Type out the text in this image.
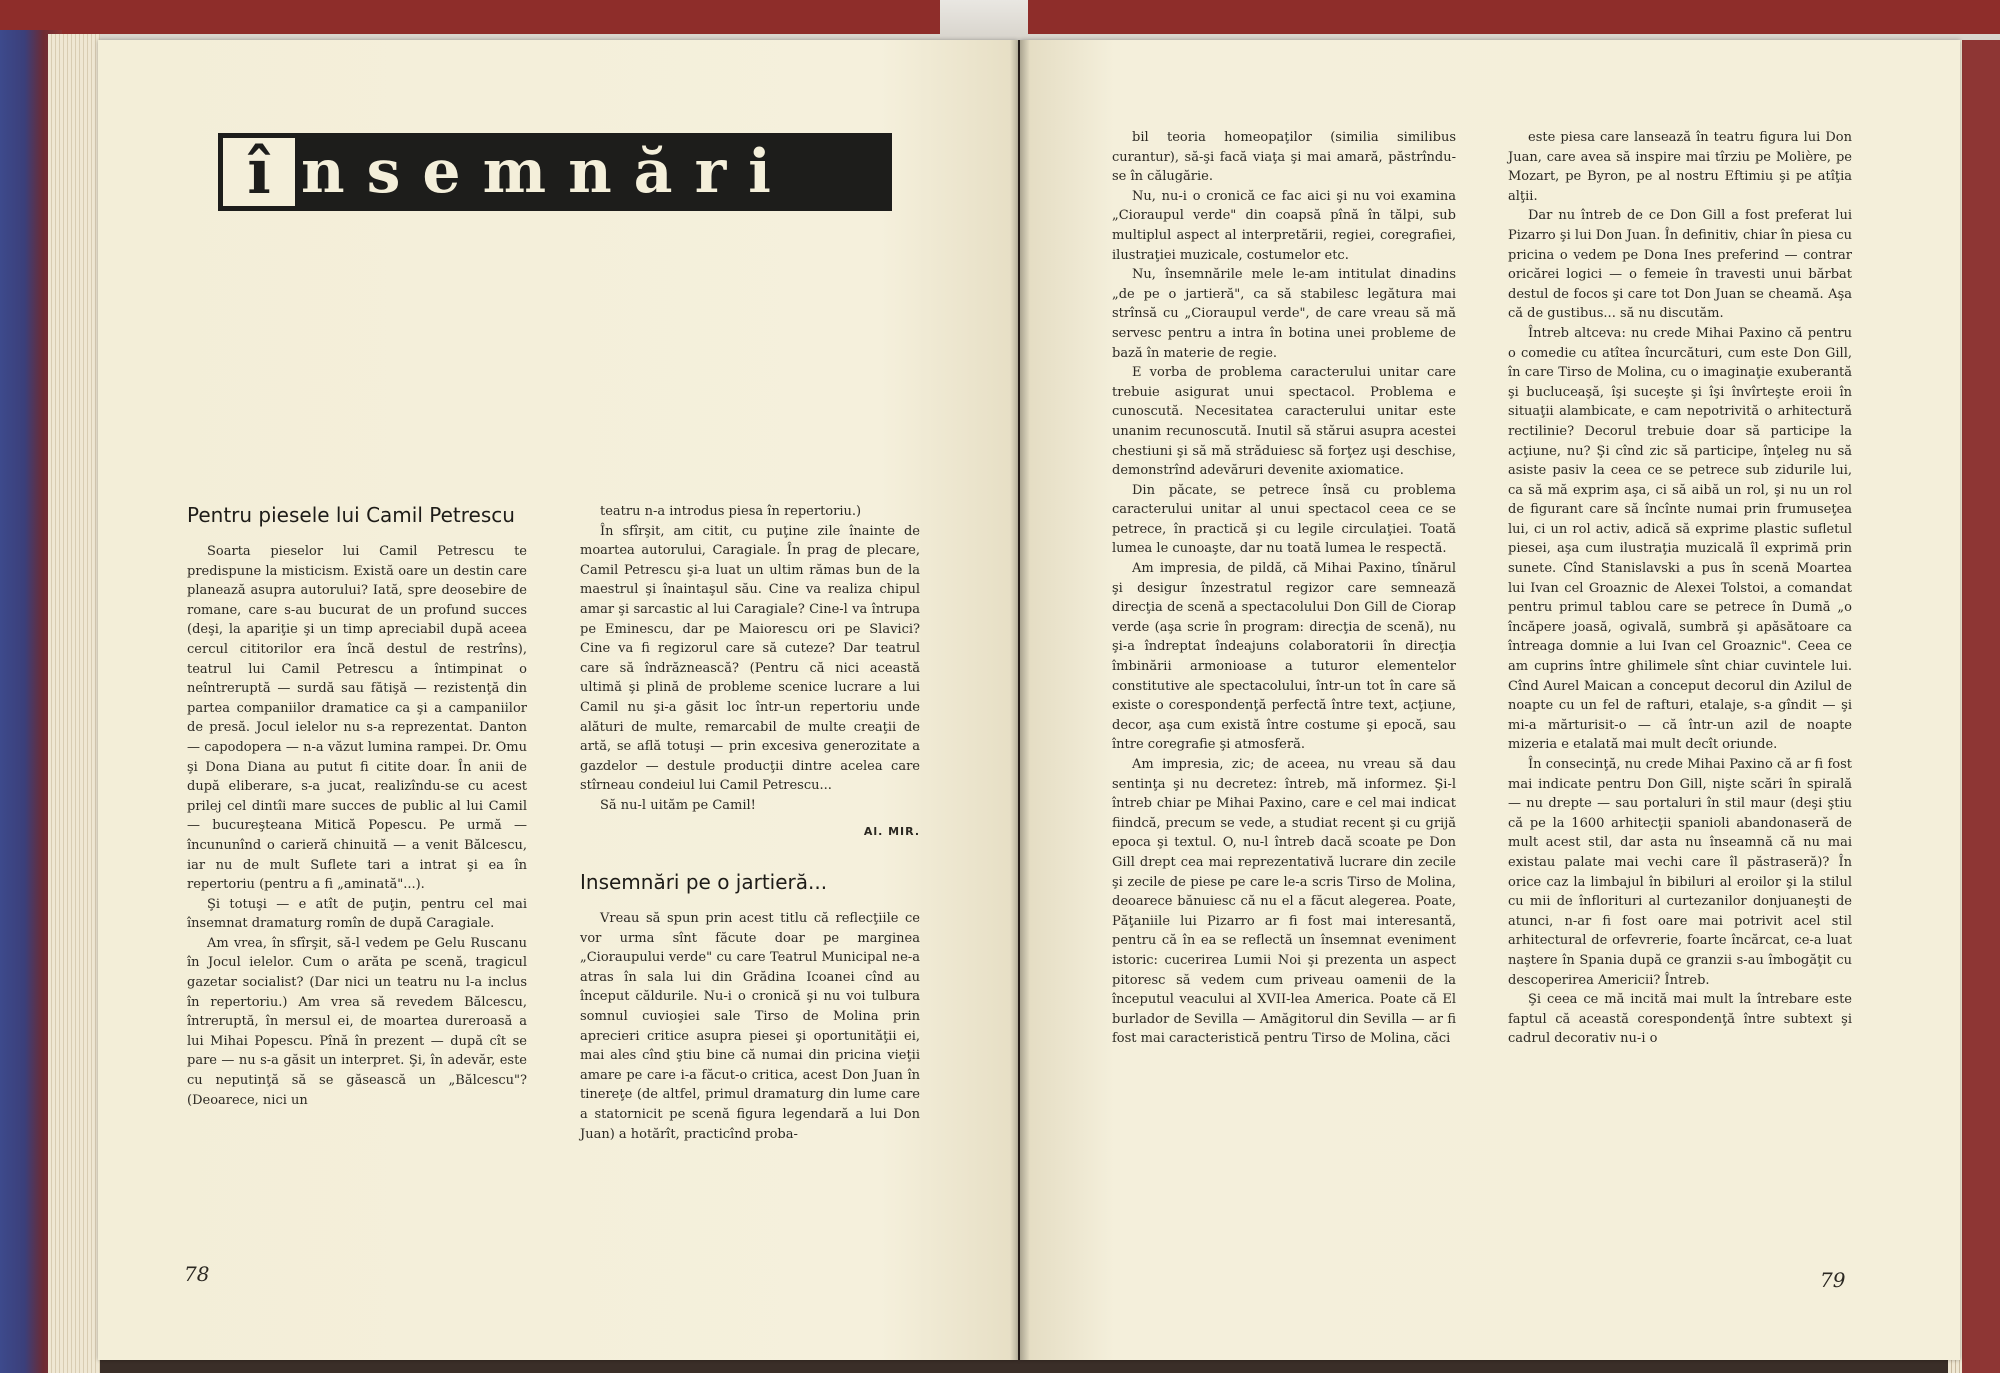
î nsemnări

Pentru piesele lui Camil Petrescu

Soarta pieselor lui Camil Petrescu te predispune la misticism. Există oare un destin care planează asupra autorului? Iată, spre deosebire de romane, care s-au bucurat de un profund succes (deşi, la apariţie şi un timp apreciabil după aceea cercul cititorilor era încă destul de restrîns), teatrul lui Camil Petrescu a întimpinat o neîntreruptă — surdă sau fătişă — rezistenţă din partea companiilor dramatice ca şi a campaniilor de presă. Jocul ielelor nu s-a reprezentat. Danton — capodopera — n-a văzut lumina rampei. Dr. Omu şi Dona Diana au putut fi citite doar. În anii de după eliberare, s-a jucat, realizîndu-se cu acest prilej cel dintîi mare succes de public al lui Camil — bucureşteana Mitică Popescu. Pe urmă — încununînd o carieră chinuită — a venit Bălcescu, iar nu de mult Suflete tari a intrat şi ea în repertoriu (pentru a fi „aminată"...).

Şi totuşi — e atît de puţin, pentru cel mai însemnat dramaturg romîn de după Caragiale.

Am vrea, în sfîrşit, să-l vedem pe Gelu Ruscanu în Jocul ielelor. Cum o arăta pe scenă, tragicul gazetar socialist? (Dar nici un teatru nu l-a inclus în repertoriu.) Am vrea să revedem Bălcescu, întreruptă, în mersul ei, de moartea dureroasă a lui Mihai Popescu. Pînă în prezent — după cît se pare — nu s-a găsit un interpret. Şi, în adevăr, este cu neputinţă să se găsească un „Bălcescu"? (Deoarece, nici un

teatru n-a introdus piesa în repertoriu.)

În sfîrşit, am citit, cu puţine zile înainte de moartea autorului, Caragiale. În prag de plecare, Camil Petrescu şi-a luat un ultim rămas bun de la maestrul şi înaintaşul său. Cine va realiza chipul amar şi sarcastic al lui Caragiale? Cine-l va întrupa pe Eminescu, dar pe Maiorescu ori pe Slavici? Cine va fi regizorul care să cuteze? Dar teatrul care să îndrăznească? (Pentru că nici această ultimă şi plină de probleme scenice lucrare a lui Camil nu şi-a găsit loc într-un repertoriu unde alături de multe, remarcabil de multe creaţii de artă, se află totuşi — prin excesiva generozitate a gazdelor — destule producţii dintre acelea care stîrneau condeiul lui Camil Petrescu...

Să nu-l uităm pe Camil!

Al. MIR.

Insemnări pe o jartieră...

Vreau să spun prin acest titlu că reflecţiile ce vor urma sînt făcute doar pe marginea „Cioraupului verde" cu care Teatrul Municipal ne-a atras în sala lui din Grădina Icoanei cînd au început căldurile. Nu-i o cronică şi nu voi tulbura somnul cuvioşiei sale Tirso de Molina prin aprecieri critice asupra piesei şi oportunităţii ei, mai ales cînd ştiu bine că numai din pricina vieţii amare pe care i-a făcut-o critica, acest Don Juan în tinereţe (de altfel, primul dramaturg din lume care a statornicit pe scenă figura legendară a lui Don Juan) a hotărît, practicînd proba-

78

bil teoria homeopaţilor (similia similibus curantur), să-şi facă viaţa şi mai amară, păstrîndu-se în călugărie.

Nu, nu-i o cronică ce fac aici şi nu voi examina „Cioraupul verde" din coapsă pînă în tălpi, sub multiplul aspect al interpretării, regiei, coregrafiei, ilustraţiei muzicale, costumelor etc.

Nu, însemnările mele le-am intitulat dinadins „de pe o jartieră", ca să stabilesc legătura mai strînsă cu „Cioraupul verde", de care vreau să mă servesc pentru a intra în botina unei probleme de bază în materie de regie.

E vorba de problema caracterului unitar care trebuie asigurat unui spectacol. Problema e cunoscută. Necesitatea caracterului unitar este unanim recunoscută. Inutil să stărui asupra acestei chestiuni şi să mă străduiesc să forţez uşi deschise, demonstrînd adevăruri devenite axiomatice.

Din păcate, se petrece însă cu problema caracterului unitar al unui spectacol ceea ce se petrece, în practică şi cu legile circulaţiei. Toată lumea le cunoaşte, dar nu toată lumea le respectă.

Am impresia, de pildă, că Mihai Paxino, tînărul şi desigur înzestratul regizor care semnează direcţia de scenă a spectacolului Don Gill de Ciorap verde (aşa scrie în program: direcţia de scenă), nu şi-a îndreptat îndeajuns colaboratorii în direcţia îmbinării armonioase a tuturor elementelor constitutive ale spectacolului, într-un tot în care să existe o corespondenţă perfectă între text, acţiune, decor, aşa cum există între costume şi epocă, sau între coregrafie şi atmosferă.

Am impresia, zic; de aceea, nu vreau să dau sentinţa şi nu decretez: întreb, mă informez. Şi-l întreb chiar pe Mihai Paxino, care e cel mai indicat fiindcă, precum se vede, a studiat recent şi cu grijă epoca şi textul. O, nu-l întreb dacă scoate pe Don Gill drept cea mai reprezentativă lucrare din zecile şi zecile de piese pe care le-a scris Tirso de Molina, deoarece bănuiesc că nu el a făcut alegerea. Poate, Păţaniile lui Pizarro ar fi fost mai interesantă, pentru că în ea se reflectă un însemnat eveniment istoric: cucerirea Lumii Noi şi prezenta un aspect pitoresc să vedem cum priveau oamenii de la începutul veacului al XVII-lea America. Poate că El burlador de Sevilla — Amăgitorul din Sevilla — ar fi fost mai caracteristică pentru Tirso de Molina, căci

este piesa care lansează în teatru figura lui Don Juan, care avea să inspire mai tîrziu pe Molière, pe Mozart, pe Byron, pe al nostru Eftimiu şi pe atîţia alţii.

Dar nu întreb de ce Don Gill a fost preferat lui Pizarro şi lui Don Juan. În definitiv, chiar în piesa cu pricina o vedem pe Dona Ines preferind — contrar oricărei logici — o femeie în travesti unui bărbat destul de focos şi care tot Don Juan se cheamă. Aşa că de gustibus... să nu discutăm.

Întreb altceva: nu crede Mihai Paxino că pentru o comedie cu atîtea încurcături, cum este Don Gill, în care Tirso de Molina, cu o imaginaţie exuberantă şi bucluceaşă, îşi suceşte şi îşi învîrteşte eroii în situaţii alambicate, e cam nepotrivită o arhitectură rectilinie? Decorul trebuie doar să participe la acţiune, nu? Şi cînd zic să participe, înţeleg nu să asiste pasiv la ceea ce se petrece sub zidurile lui, ca să mă exprim aşa, ci să aibă un rol, şi nu un rol de figurant care să încînte numai prin frumuseţea lui, ci un rol activ, adică să exprime plastic sufletul piesei, aşa cum ilustraţia muzicală îl exprimă prin sunete. Cînd Stanislavski a pus în scenă Moartea lui Ivan cel Groaznic de Alexei Tolstoi, a comandat pentru primul tablou care se petrece în Dumă „o încăpere joasă, ogivală, sumbră şi apăsătoare ca întreaga domnie a lui Ivan cel Groaznic". Ceea ce am cuprins între ghilimele sînt chiar cuvintele lui. Cînd Aurel Maican a conceput decorul din Azilul de noapte cu un fel de rafturi, etalaje, s-a gîndit — şi mi-a mărturisit-o — că într-un azil de noapte mizeria e etalată mai mult decît oriunde.

În consecinţă, nu crede Mihai Paxino că ar fi fost mai indicate pentru Don Gill, nişte scări în spirală — nu drepte — sau portaluri în stil maur (deşi ştiu că pe la 1600 arhitecţii spanioli abandonaseră de mult acest stil, dar asta nu înseamnă că nu mai existau palate mai vechi care îl păstraseră)? În orice caz la limbajul în bibiluri al eroilor şi la stilul cu mii de înflorituri al curtezanilor donjuaneşti de atunci, n-ar fi fost oare mai potrivit acel stil arhitectural de orfevrerie, foarte încărcat, ce-a luat naştere în Spania după ce granzii s-au îmbogăţit cu descoperirea Americii? Întreb.

Şi ceea ce mă incită mai mult la întrebare este faptul că această corespondenţă între subtext şi cadrul decorativ nu-i o

79
